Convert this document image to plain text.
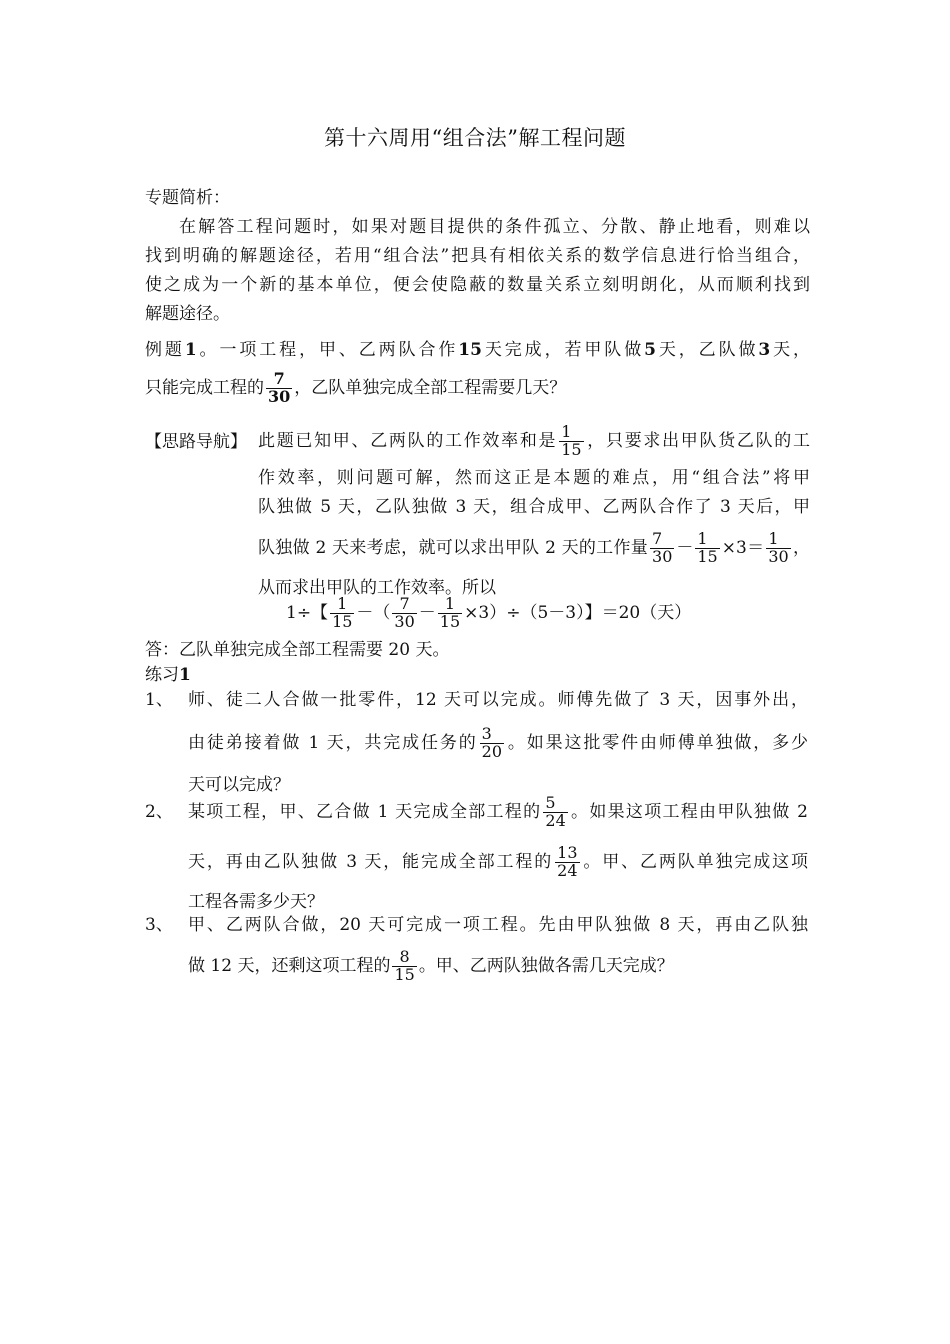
第十六周用“组合法”解工程问题
专题简析：
在解答工程问题时，如果对题目提供的条件孤立、分散、静止地看，则难以
找到明确的解题途径，若用“组合法”把具有相依关系的数学信息进行恰当组合，
使之成为一个新的基本单位，便会使隐蔽的数量关系立刻明朗化，从而顺利找到
解题途径。
例题1。一项工程，甲、乙两队合作15天完成，若甲队做5天，乙队做3天，
只能完成工程的 $\frac{7}{30}$ ，乙队单独完成全部工程需要几天？
【思路导航】 此题已知甲、乙两队的工作效率和是 $\frac{1}{15}$ ，只要求出甲队货乙队的工
作效率，则问题可解，然而这正是本题的难点，用“组合法”将甲
队独做 5 天，乙队独做 3 天，组合成甲、乙两队合作了 3 天后，甲
队独做 2 天来考虑，就可以求出甲队 2 天的工作量 $\frac{7}{30} - \frac{1}{15} \times 3= \frac{1}{30}$ ，
从而求出甲队的工作效率。所以
1÷【 $\frac{1}{15}$ －（ $\frac{7}{30} - \frac{1}{15} \times 3)\div(5-3)$】＝20（天）
答：乙队单独完成全部工程需要 20 天。
练习1
1、 师、徒二人合做一批零件，12 天可以完成。师傅先做了 3 天，因事外出，
由徒弟接着做 1 天，共完成任务的 $\frac{3}{20}$ 。如果这批零件由师傅单独做，多少
天可以完成？
2、 某项工程，甲、乙合做 1 天完成全部工程的 $\frac{5}{24}$ 。如果这项工程由甲队独做 2
天，再由乙队独做 3 天，能完成全部工程的 $\frac{13}{24}$ 。甲、乙两队单独完成这项
工程各需多少天？
3、 甲、乙两队合做，20 天可完成一项工程。先由甲队独做 8 天，再由乙队独
做 12 天，还剩这项工程的 $\frac{8}{15}$ 。甲、乙两队独做各需几天完成？
